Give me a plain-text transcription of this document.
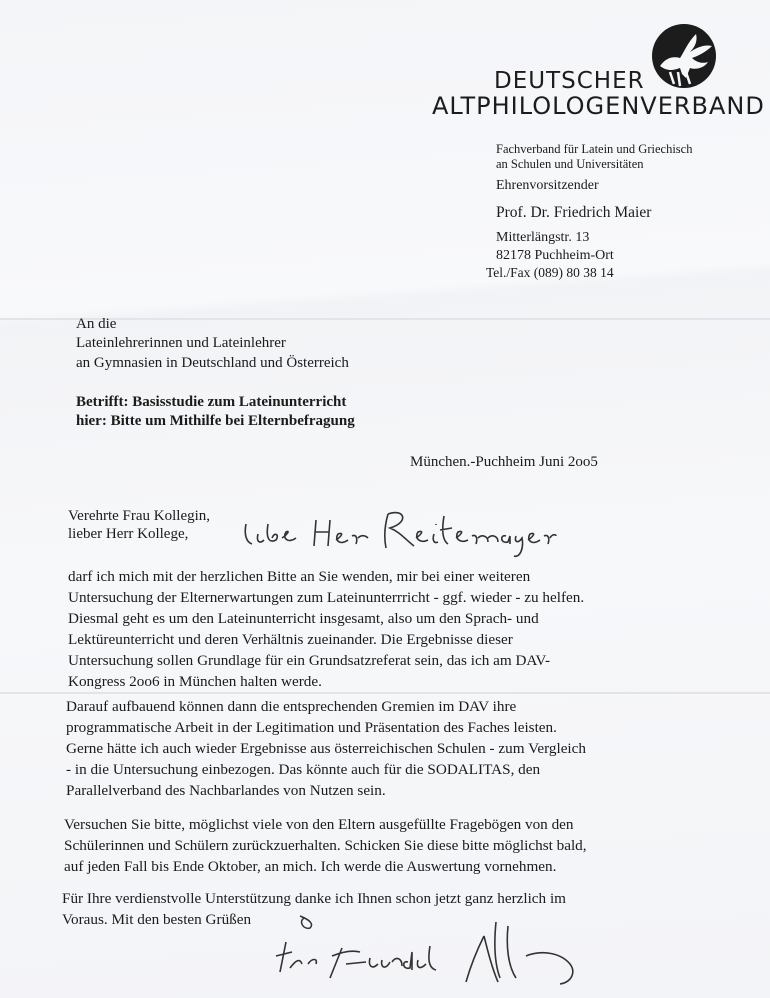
DEUTSCHER
ALTPHILOLOGENVERBAND
Fachverband für Latein und Griechisch
an Schulen und Universitäten
Ehrenvorsitzender
Prof. Dr. Friedrich Maier
Mitterlängstr. 13
82178 Puchheim-Ort
Tel./Fax (089) 80 38 14
An die
Lateinlehrerinnen und Lateinlehrer
an Gymnasien in Deutschland und Österreich
Betrifft: Basisstudie zum Lateinunterricht
hier: Bitte um Mithilfe bei Elternbefragung
München.-Puchheim Juni 2oo5
Verehrte Frau Kollegin,
lieber Herr Kollege,
darf ich mich mit der herzlichen Bitte an Sie wenden, mir bei einer weiteren
Untersuchung der Elternerwartungen zum Lateinunterrricht - ggf. wieder - zu helfen.
Diesmal geht es um den Lateinunterricht insgesamt, also um den Sprach- und
Lektüreunterricht und deren Verhältnis zueinander. Die Ergebnisse dieser
Untersuchung sollen Grundlage für ein Grundsatzreferat sein, das ich am DAV-
Kongress 2oo6 in München halten werde.
Darauf aufbauend können dann die entsprechenden Gremien im DAV ihre
programmatische Arbeit in der Legitimation und Präsentation des Faches leisten.
Gerne hätte ich auch wieder Ergebnisse aus österreichischen Schulen - zum Vergleich
- in die Untersuchung einbezogen. Das könnte auch für die SODALITAS, den
Parallelverband des Nachbarlandes von Nutzen sein.
Versuchen Sie bitte, möglichst viele von den Eltern ausgefüllte Fragebögen von den
Schülerinnen und Schülern zurückzuerhalten. Schicken Sie diese bitte möglichst bald,
auf jeden Fall bis Ende Oktober, an mich. Ich werde die Auswertung vornehmen.
Für Ihre verdienstvolle Unterstützung danke ich Ihnen schon jetzt ganz herzlich im
Voraus. Mit den besten Grüßen
